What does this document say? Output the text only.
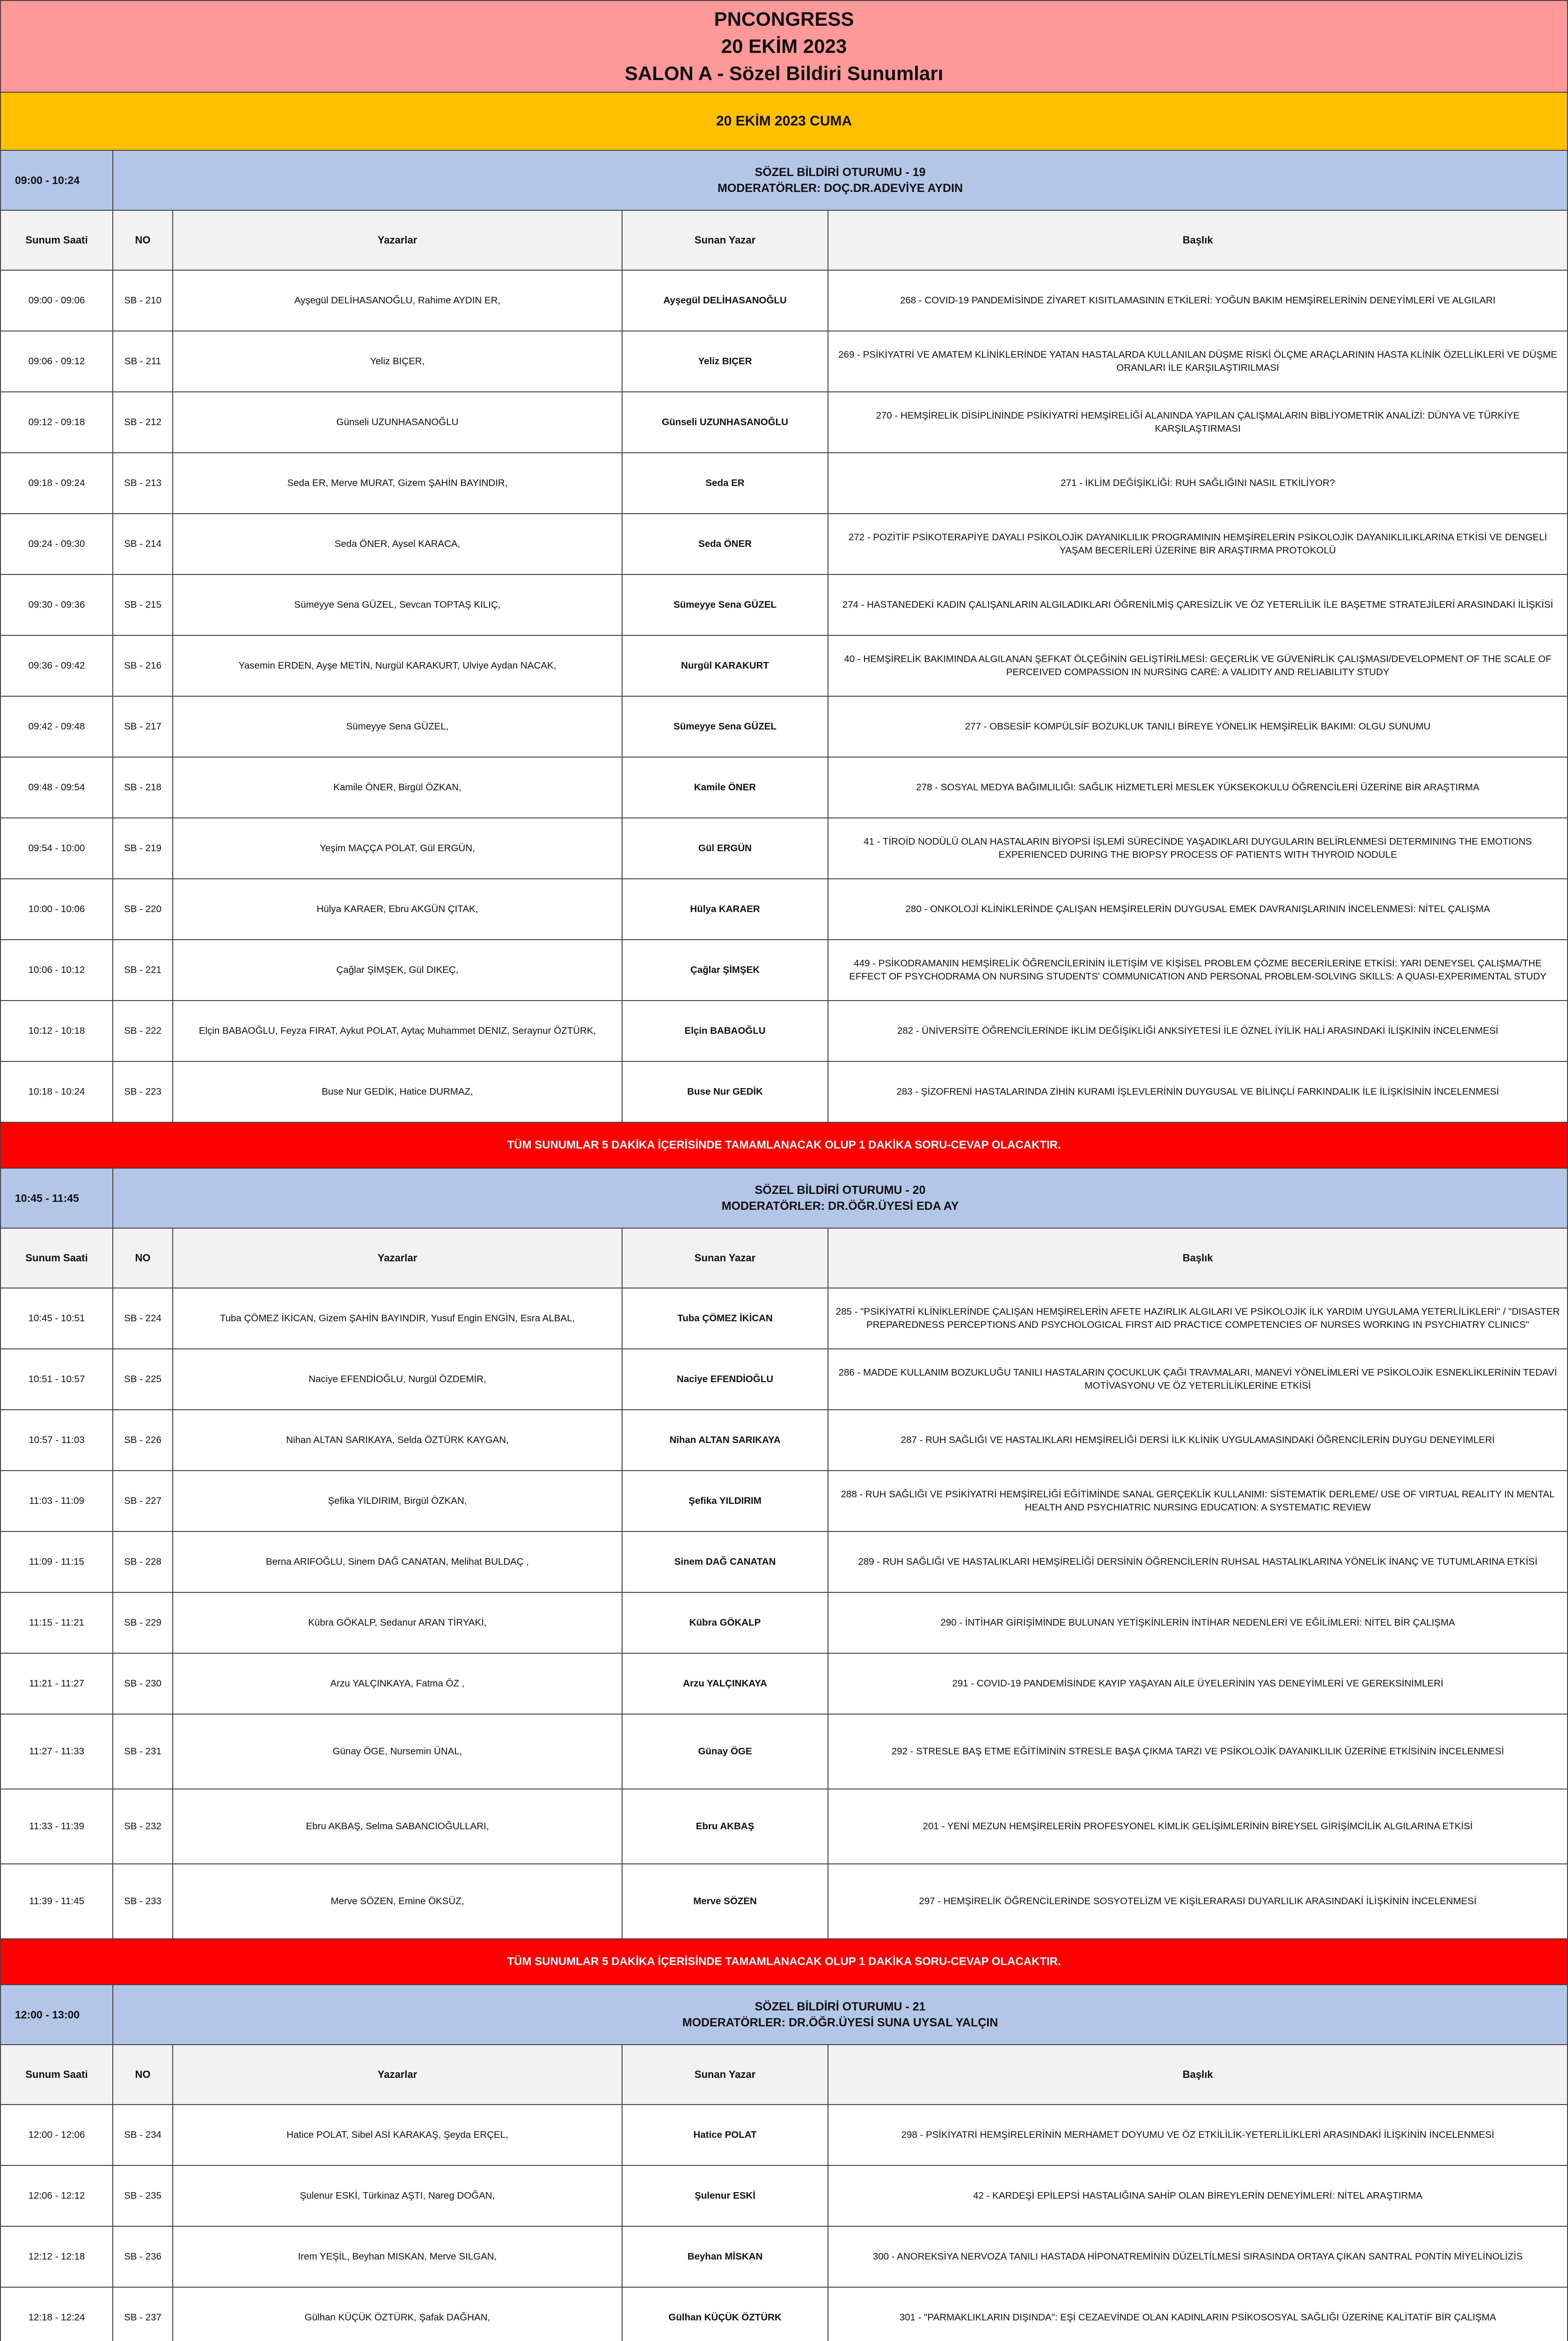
PNCONGRESS
20 EKİM 2023
SALON A - Sözel Bildiri Sunumları
20 EKİM 2023 CUMA
09:00 - 10:24
SÖZEL BİLDİRİ OTURUMU - 19
MODERATÖRLER: DOÇ.DR.ADEVİYE AYDIN
Sunum Saati	NO	Yazarlar	Sunan Yazar	Başlık
09:00 - 09:06	SB - 210	Ayşegül DELİHASANOĞLU, Rahime AYDIN ER,	Ayşegül DELİHASANOĞLU	268 - COVID-19 PANDEMİSİNDE ZİYARET KISITLAMASININ ETKİLERİ: YOĞUN BAKIM HEMŞİRELERİNİN DENEYİMLERİ VE ALGILARI
09:06 - 09:12	SB - 211	Yeliz BIÇER,	Yeliz BIÇER
269 - PSİKİYATRİ VE AMATEM KLİNİKLERİNDE YATAN HASTALARDA KULLANILAN DÜŞME RİSKİ ÖLÇME ARAÇLARININ HASTA KLİNİK ÖZELLİKLERİ VE DÜŞME ORANLARI İLE KARŞILAŞTIRILMASI
09:12 - 09:18	SB - 212	Günseli UZUNHASANOĞLU	Günseli UZUNHASANOĞLU
270 - HEMŞİRELİK DİSİPLİNİNDE PSİKİYATRİ HEMŞİRELİĞİ ALANINDA YAPILAN ÇALIŞMALARIN BİBLİYOMETRİK ANALİZİ: DÜNYA VE TÜRKİYE KARŞILAŞTIRMASI
09:18 - 09:24	SB - 213	Seda ER, Merve MURAT, Gizem ŞAHİN BAYINDIR,	Seda ER	271 - İKLİM DEĞİŞİKLİĞİ: RUH SAĞLIĞINI NASIL ETKİLİYOR?
09:24 - 09:30	SB - 214	Seda ÖNER, Aysel KARACA,	Seda ÖNER
272 - POZİTİF PSİKOTERAPİYE DAYALI PSİKOLOJİK DAYANIKLILIK PROGRAMININ HEMŞİRELERİN PSİKOLOJİK DAYANIKLILIKLARINA ETKİSİ VE DENGELİ YAŞAM BECERİLERİ ÜZERİNE BİR ARAŞTIRMA PROTOKOLÜ
09:30 - 09:36	SB - 215	Sümeyye Sena GÜZEL, Sevcan TOPTAŞ KILIÇ,	Sümeyye Sena GÜZEL	274 - HASTANEDEKİ KADIN ÇALIŞANLARIN ALGILADIKLARI ÖĞRENİLMİŞ ÇARESİZLİK VE ÖZ YETERLİLİK İLE BAŞETME STRATEJİLERİ ARASINDAKİ İLİŞKİSİ
09:36 - 09:42	SB - 216	Yasemin ERDEN, Ayşe METİN, Nurgül KARAKURT, Ulviye Aydan NACAK,	Nurgül KARAKURT
40 - HEMŞİRELİK BAKIMINDA ALGILANAN ŞEFKAT ÖLÇEĞİNİN GELİŞTİRİLMESİ: GEÇERLİK VE GÜVENİRLİK ÇALIŞMASI/DEVELOPMENT OF THE SCALE OF PERCEIVED COMPASSION IN NURSING CARE: A VALIDITY AND RELIABILITY STUDY
09:42 - 09:48	SB - 217	Sümeyye Sena GÜZEL,	Sümeyye Sena GÜZEL	277 - OBSESİF KOMPÜLSİF BOZUKLUK TANILI BİREYE YÖNELİK HEMŞİRELİK BAKIMI: OLGU SUNUMU
09:48 - 09:54	SB - 218	Kamile ÖNER, Birgül ÖZKAN,	Kamile ÖNER	278 - SOSYAL MEDYA BAĞIMLILIĞI: SAĞLIK HİZMETLERİ MESLEK YÜKSEKOKULU ÖĞRENCİLERİ ÜZERİNE BİR ARAŞTIRMA
09:54 - 10:00	SB - 219	Yeşim MAÇÇA POLAT, Gül ERGÜN,	Gül ERGÜN
41 - TİROİD NODÜLÜ OLAN HASTALARIN BİYOPSİ İŞLEMİ SÜRECİNDE YAŞADIKLARI DUYGULARIN BELİRLENMESİ DETERMINING THE EMOTIONS EXPERIENCED DURING THE BIOPSY PROCESS OF PATIENTS WITH THYROID NODULE
10:00 - 10:06	SB - 220	Hülya KARAER, Ebru AKGÜN ÇITAK,	Hülya KARAER	280 - ONKOLOJİ KLİNİKLERİNDE ÇALIŞAN HEMŞİRELERİN DUYGUSAL EMEK DAVRANIŞLARININ İNCELENMESİ: NİTEL ÇALIŞMA
10:06 - 10:12	SB - 221	Çağlar ŞİMŞEK, Gül DIKEÇ,	Çağlar ŞİMŞEK
449 - PSİKODRAMANIN HEMŞİRELİK ÖĞRENCİLERİNİN İLETİŞİM VE KİŞİSEL PROBLEM ÇÖZME BECERİLERİNE ETKİSİ: YARI DENEYSEL ÇALIŞMA/THE EFFECT OF PSYCHODRAMA ON NURSING STUDENTS' COMMUNICATION AND PERSONAL PROBLEM-SOLVING SKILLS: A QUASI-EXPERIMENTAL STUDY
10:12 - 10:18	SB - 222	Elçin BABAOĞLU, Feyza FIRAT, Aykut POLAT, Aytaç Muhammet DENIZ, Seraynur ÖZTÜRK,	Elçin BABAOĞLU	282 - ÜNİVERSİTE ÖĞRENCİLERİNDE İKLİM DEĞİŞİKLİĞİ ANKSİYETESİ İLE ÖZNEL İYİLİK HALİ ARASINDAKİ İLİŞKİNİN İNCELENMESİ
10:18 - 10:24	SB - 223	Buse Nur GEDİK, Hatice DURMAZ,	Buse Nur GEDİK	283 - ŞİZOFRENİ HASTALARINDA ZİHİN KURAMI İŞLEVLERİNİN DUYGUSAL VE BİLİNÇLİ FARKINDALIK İLE İLİŞKİSİNİN İNCELENMESİ
TÜM SUNUMLAR 5 DAKİKA İÇERİSİNDE TAMAMLANACAK OLUP 1 DAKİKA SORU-CEVAP OLACAKTIR.
10:45 - 11:45
SÖZEL BİLDİRİ OTURUMU - 20
MODERATÖRLER: DR.ÖĞR.ÜYESİ EDA AY
Sunum Saati	NO	Yazarlar	Sunan Yazar	Başlık
10:45 - 10:51	SB - 224	Tuba ÇÖMEZ İKİCAN, Gizem ŞAHİN BAYINDIR, Yusuf Engin ENGİN, Esra ALBAL,	Tuba ÇÖMEZ İKİCAN
285 - "PSİKİYATRİ KLİNİKLERİNDE ÇALIŞAN HEMŞİRELERİN AFETE HAZIRLIK ALGILARI VE PSİKOLOJİK İLK YARDIM UYGULAMA YETERLİLİKLERİ" / "DISASTER PREPAREDNESS PERCEPTIONS AND PSYCHOLOGICAL FIRST AID PRACTICE COMPETENCIES OF NURSES WORKING IN PSYCHIATRY CLINICS"
10:51 - 10:57	SB - 225	Naciye EFENDİOĞLU, Nurgül ÖZDEMİR,	Naciye EFENDİOĞLU
286 - MADDE KULLANIM BOZUKLUĞU TANILI HASTALARIN ÇOCUKLUK ÇAĞI TRAVMALARI, MANEVİ YÖNELİMLERİ VE PSİKOLOJİK ESNEKLİKLERİNİN TEDAVİ MOTİVASYONU VE ÖZ YETERLİLİKLERİNE ETKİSİ
10:57 - 11:03	SB - 226	Nihan ALTAN SARIKAYA, Selda ÖZTÜRK KAYGAN,	Nihan ALTAN SARIKAYA	287 - RUH SAĞLIĞI VE HASTALIKLARI HEMŞİRELİĞİ DERSİ İLK KLİNİK UYGULAMASINDAKİ ÖĞRENCİLERİN DUYGU DENEYİMLERİ
11:03 - 11:09	SB - 227	Şefika YILDIRIM, Birgül ÖZKAN,	Şefika YILDIRIM
288 - RUH SAĞLIĞI VE PSİKİYATRİ HEMŞİRELİĞİ EĞİTİMİNDE SANAL GERÇEKLİK KULLANIMI: SİSTEMATİK DERLEME/ USE OF VIRTUAL REALITY IN MENTAL HEALTH AND PSYCHIATRIC NURSING EDUCATION: A SYSTEMATIC REVIEW
11:09 - 11:15	SB - 228	Berna ARIFOĞLU, Sinem DAĞ CANATAN, Melihat BULDAÇ ,	Sinem DAĞ CANATAN	289 - RUH SAĞLIĞI VE HASTALIKLARI HEMŞİRELİĞİ DERSİNİN ÖĞRENCİLERİN RUHSAL HASTALIKLARINA YÖNELİK İNANÇ VE TUTUMLARINA ETKİSİ
11:15 - 11:21	SB - 229	Kübra GÖKALP, Sedanur ARAN TİRYAKİ,	Kübra GÖKALP	290 - İNTİHAR GİRİŞİMİNDE BULUNAN YETİŞKİNLERİN İNTİHAR NEDENLERİ VE EĞİLİMLERİ: NİTEL BİR ÇALIŞMA
11:21 - 11:27	SB - 230	Arzu YALÇINKAYA, Fatma ÖZ ,	Arzu YALÇINKAYA	291 - COVID-19 PANDEMİSİNDE KAYIP YAŞAYAN AİLE ÜYELERİNİN YAS DENEYİMLERİ VE GEREKSİNİMLERİ
11:27 - 11:33	SB - 231	Günay ÖGE, Nursemin ÜNAL,	Günay ÖGE	292 - STRESLE BAŞ ETME EĞİTİMİNİN STRESLE BAŞA ÇIKMA TARZI VE PSİKOLOJİK DAYANIKLILIK ÜZERİNE ETKİSİNİN İNCELENMESİ
11:33 - 11:39	SB - 232	Ebru AKBAŞ, Selma SABANCIOĞULLARI,	Ebru AKBAŞ	201 - YENİ MEZUN HEMŞİRELERİN PROFESYONEL KİMLİK GELİŞİMLERİNİN BİREYSEL GİRİŞİMCİLİK ALGILARINA ETKİSİ
11:39 - 11:45	SB - 233	Merve SÖZEN, Emine ÖKSÜZ,	Merve SÖZEN	297 - HEMŞİRELİK ÖĞRENCİLERİNDE SOSYOTELİZM VE KİŞİLERARASI DUYARLILIK ARASINDAKİ İLİŞKİNİN İNCELENMESİ
TÜM SUNUMLAR 5 DAKİKA İÇERİSİNDE TAMAMLANACAK OLUP 1 DAKİKA SORU-CEVAP OLACAKTIR.
12:00 - 13:00
SÖZEL BİLDİRİ OTURUMU - 21
MODERATÖRLER: DR.ÖĞR.ÜYESİ SUNA UYSAL YALÇIN
Sunum Saati	NO	Yazarlar	Sunan Yazar	Başlık
12:00 - 12:06	SB - 234	Hatice POLAT, Sibel ASİ KARAKAŞ, Şeyda ERÇEL,	Hatice POLAT	298 - PSİKİYATRİ HEMŞİRELERİNİN MERHAMET DOYUMU VE ÖZ ETKİLİLİK-YETERLİLİKLERİ ARASINDAKİ İLİŞKİNİN İNCELENMESİ
12:06 - 12:12	SB - 235	Şulenur ESKİ, Türkinaz AŞTI, Nareg DOĞAN,	Şulenur ESKİ	42 - KARDEŞİ EPİLEPSİ HASTALIĞINA SAHİP OLAN BİREYLERİN DENEYİMLERİ: NİTEL ARAŞTIRMA
12:12 - 12:18	SB - 236	Irem YEŞİL, Beyhan MISKAN, Merve SILGAN,	Beyhan MİSKAN	300 - ANOREKSİYA NERVOZA TANILI HASTADA HİPONATREMİNİN DÜZELTİLMESİ SIRASINDA ORTAYA ÇIKAN SANTRAL PONTİN MİYELİNOLİZİS
12:18 - 12:24	SB - 237	Gülhan KÜÇÜK ÖZTÜRK, Şafak DAĞHAN,	Gülhan KÜÇÜK ÖZTÜRK	301 - "PARMAKLIKLARIN DIŞINDA": EŞİ CEZAEVİNDE OLAN KADINLARIN PSİKOSOSYAL SAĞLIĞI ÜZERİNE KALİTATİF BİR ÇALIŞMA
